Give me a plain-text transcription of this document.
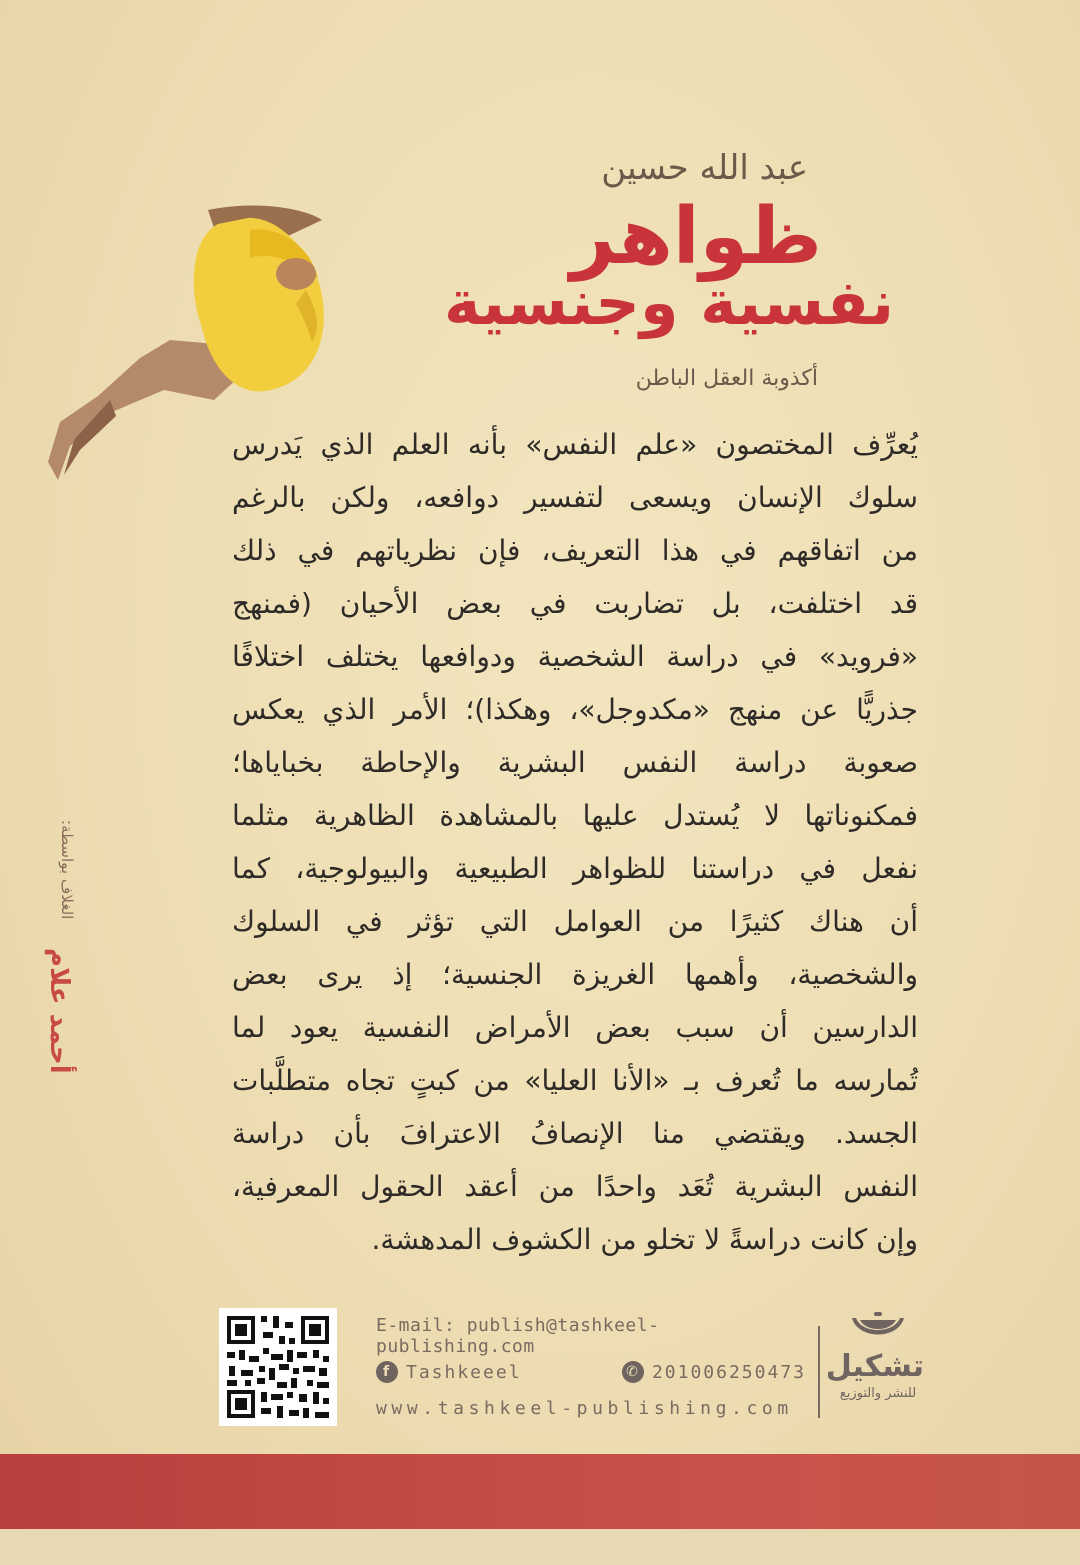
عبد الله حسين
ظواهر
نفسية وجنسية
أكذوبة العقل الباطن
يُعرِّف المختصون «علم النفس» بأنه العلم الذي يَدرس
سلوك الإنسان ويسعى لتفسير دوافعه، ولكن بالرغم
من اتفاقهم في هذا التعريف، فإن نظرياتهم في ذلك
قد اختلفت، بل تضاربت في بعض الأحيان (فمنهج
«فرويد» في دراسة الشخصية ودوافعها يختلف اختلافًا
جذريًّا عن منهج «مكدوجل»، وهكذا)؛ الأمر الذي يعكس
صعوبة دراسة النفس البشرية والإحاطة بخباياها؛
فمكنوناتها لا يُستدل عليها بالمشاهدة الظاهرية مثلما
نفعل في دراستنا للظواهر الطبيعية والبيولوجية، كما
أن هناك كثيرًا من العوامل التي تؤثر في السلوك
والشخصية، وأهمها الغريزة الجنسية؛ إذ يرى بعض
الدارسين أن سبب بعض الأمراض النفسية يعود لما
تُمارسه ما تُعرف بـ «الأنا العليا» من كبتٍ تجاه متطلَّبات
الجسد. ويقتضي منا الإنصافُ الاعترافَ بأن دراسة
النفس البشرية تُعَد واحدًا من أعقد الحقول المعرفية،
وإن كانت دراسةً لا تخلو من الكشوف المدهشة.
الغلاف بواسطة:
أحمد علام
E-mail: publish@tashkeel-publishing.com
f Tashkeeel	✆ 201006250473
www.tashkeel-publishing.com
تشكيل
للنشر والتوزيع
